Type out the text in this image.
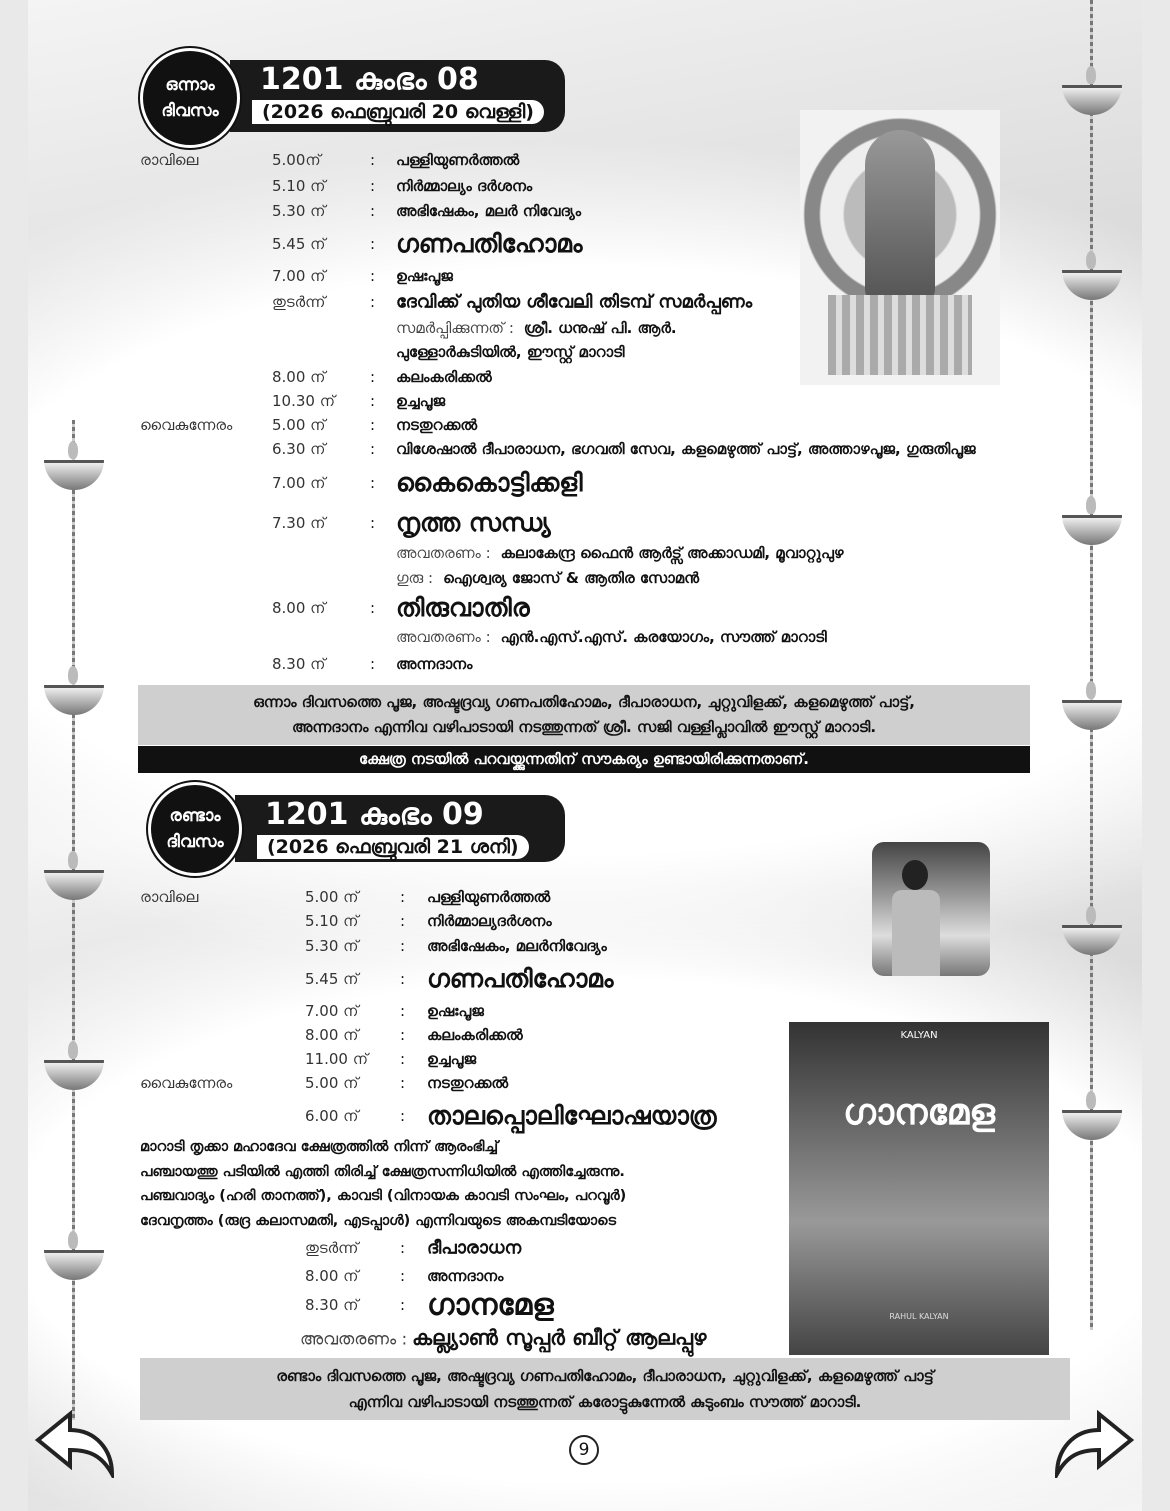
1201 കുംഭം 08
(2026 ഫെബ്രുവരി 20 വെള്ളി)
ഒന്നാം
ദിവസം
രാവിലെ	5.00ന്	: പള്ളിയുണർത്തൽ
5.10 ന്	: നിർമ്മാല്യം ദർശനം
5.30 ന്	: അഭിഷേകം, മലർ നിവേദ്യം
5.45 ന്	: ഗണപതിഹോമം
7.00 ന്	: ഉഷഃപൂജ
തുടർന്ന്	: ദേവിക്ക് പുതിയ ശീവേലി തിടമ്പ് സമർപ്പണം
സമർപ്പിക്കുന്നത് : ശ്രീ. ധനുഷ് പി. ആർ.
പുള്ളോർകുടിയിൽ, ഈസ്റ്റ് മാറാടി
8.00 ന്	: കലംകരിക്കൽ
10.30 ന് : ഉച്ചപൂജ
വൈകുന്നേരം	5.00 ന്	: നടതുറക്കൽ
6.30 ന്	: വിശേഷാൽ ദീപാരാധന, ഭഗവതി സേവ, കളമെഴുത്ത് പാട്ട്, അത്താഴപൂജ, ഗുരുതിപൂജ
7.00 ന്	: കൈകൊട്ടിക്കളി
7.30 ന്	: നൃത്ത സന്ധ്യ
അവതരണം : കലാകേന്ദ്ര ഫൈൻ ആർട്സ് അക്കാഡമി, മൂവാറ്റുപുഴ
ഗുരു : ഐശ്വര്യ ജോസ് & ആതിര സോമൻ
8.00 ന്	: തിരുവാതിര
അവതരണം : എൻ.എസ്.എസ്. കരയോഗം, സൗത്ത് മാറാടി
8.30 ന്	: അന്നദാനം
ഒന്നാം ദിവസത്തെ പൂജ, അഷ്ടദ്രവ്യ ഗണപതിഹോമം, ദീപാരാധന, ചുറ്റുവിളക്ക്, കളമെഴുത്ത് പാട്ട്,
അന്നദാനം എന്നിവ വഴിപാടായി നടത്തുന്നത് ശ്രീ. സജി വള്ളിപ്ലാവിൽ ഈസ്റ്റ് മാറാടി.
ക്ഷേത്ര നടയിൽ പറവയ്ക്കുന്നതിന് സൗകര്യം ഉണ്ടായിരിക്കുന്നതാണ്.
1201 കുംഭം 09
(2026 ഫെബ്രുവരി 21 ശനി)
രണ്ടാം
ദിവസം
KALYAN
ഗാനമേള
RAHUL KALYAN
രാവിലെ	5.00 ന്	: പള്ളിയുണർത്തൽ
5.10 ന്	: നിർമ്മാല്യദർശനം
5.30 ന്	: അഭിഷേകം, മലർനിവേദ്യം
5.45 ന്	: ഗണപതിഹോമം
7.00 ന്	: ഉഷഃപൂജ
8.00 ന്	: കലംകരിക്കൽ
11.00 ന് : ഉച്ചപൂജ
വൈകുന്നേരം	5.00 ന്	: നടതുറക്കൽ
6.00 ന്	: താലപ്പൊലിഘോഷയാത്ര
തുടർന്ന്	: ദീപാരാധന
8.00 ന്	: അന്നദാനം
8.30 ന്	: ഗാനമേള
മാറാടി തൃക്കാ മഹാദേവ ക്ഷേത്രത്തിൽ നിന്ന് ആരംഭിച്ച്
പഞ്ചായത്തു പടിയിൽ എത്തി തിരിച്ച് ക്ഷേത്രസന്നിധിയിൽ എത്തിച്ചേരുന്നു.
പഞ്ചവാദ്യം (ഹരി താനത്ത്), കാവടി (വിനായക കാവടി സംഘം, പറവൂർ)
ദേവനൃത്തം (രുദ്ര കലാസമതി, എടപ്പാൾ) എന്നിവയുടെ അകമ്പടിയോടെ
അവതരണം : കല്ല്യാൺ സൂപ്പർ ബീറ്റ് ആലപ്പുഴ
രണ്ടാം ദിവസത്തെ പൂജ, അഷ്ടദ്രവ്യ ഗണപതിഹോമം, ദീപാരാധന, ചുറ്റുവിളക്ക്, കളമെഴുത്ത് പാട്ട്
എന്നിവ വഴിപാടായി നടത്തുന്നത് കരോട്ടുകുന്നേൽ കുടുംബം സൗത്ത് മാറാടി.
9
